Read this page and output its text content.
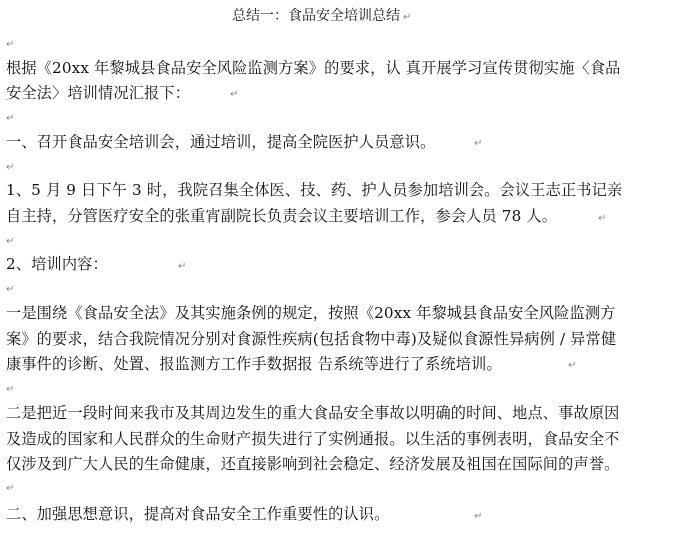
总结一：食品安全培训总结 ↵
↵
根据《20xx 年黎城县食品安全风险监测方案》的要求，认 真开展学习宣传贯彻实施〈食品
安全法〉培训情况汇报下：	↵
↵
一、召开食品安全培训会，通过培训，提高全院医护人员意识。	↵
↵
1、5 月 9 日下午 3 时，我院召集全体医、技、药、护人员参加培训会。会议王志正书记亲
自主持，分管医疗安全的张重宵副院长负责会议主要培训工作，参会人员 78 人。	↵
↵
2、培训内容：	↵
↵
一是围绕《食品安全法》及其实施条例的规定，按照《20xx 年黎城县食品安全风险监测方
案》的要求，结合我院情况分别对食源性疾病(包括食物中毒)及疑似食源性异病例 / 异常健
康事件的诊断、处置、报监测方工作手数据报 告系统等进行了系统培训。	↵
↵
二是把近一段时间来我市及其周边发生的重大食品安全事故以明确的时间、地点、事故原因
及造成的国家和人民群众的生命财产损失进行了实例通报。以生活的事例表明，食品安全不
仅涉及到广大人民的生命健康，还直接影响到社会稳定、经济发展及祖国在国际间的声誉。
↵
二、加强思想意识，提高对食品安全工作重要性的认识。	↵
